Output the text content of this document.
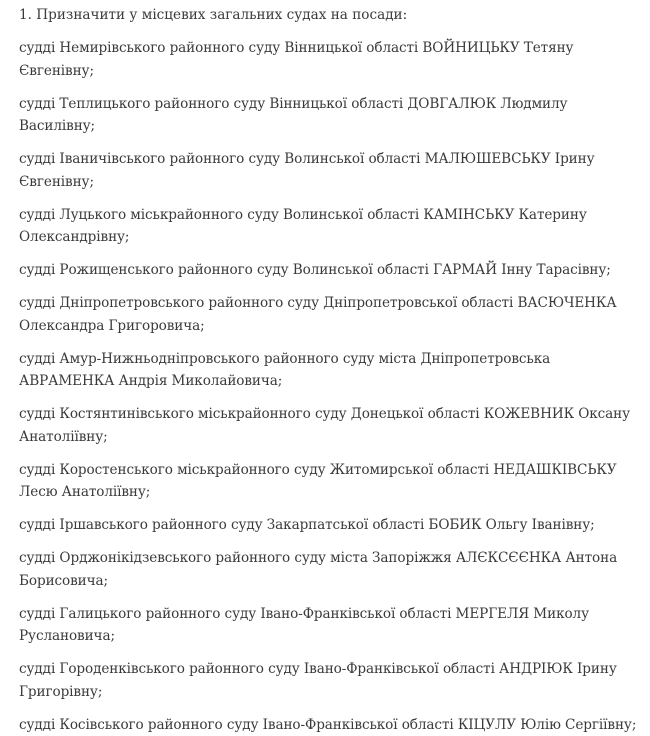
1. Призначити у місцевих загальних судах на посади:

судді Немирівського районного суду Вінницької області ВОЙНИЦЬКУ Тетяну Євгенівну;

судді Теплицького районного суду Вінницької області ДОВГАЛЮК Людмилу Василівну;

судді Іваничівського районного суду Волинської області МАЛЮШЕВСЬКУ Ірину Євгенівну;

судді Луцького міськрайонного суду Волинської області КАМІНСЬКУ Катерину Олександрівну;

судді Рожищенського районного суду Волинської області ГАРМАЙ Інну Тарасівну;

судді Дніпропетровського районного суду Дніпропетровської області ВАСЮЧЕНКА Олександра Григоровича;

судді Амур-Нижньодніпровського районного суду міста Дніпропетровська АВРАМЕНКА Андрія Миколайовича;

судді Костянтинівського міськрайонного суду Донецької області КОЖЕВНИК Оксану Анатоліївну;

судді Коростенського міськрайонного суду Житомирської області НЕДАШКІВСЬКУ Лесю Анатоліївну;

судді Іршавського районного суду Закарпатської області БОБИК Ольгу Іванівну;

судді Орджонікідзевського районного суду міста Запоріжжя АЛЄКСЄЄНКА Антона Борисовича;

судді Галицького районного суду Івано-Франківської області МЕРГЕЛЯ Миколу Руслановича;

судді Городенківського районного суду Івано-Франківської області АНДРІЮК Ірину Григорівну;

судді Косівського районного суду Івано-Франківської області КІЦУЛУ Юлію Сергіївну;
